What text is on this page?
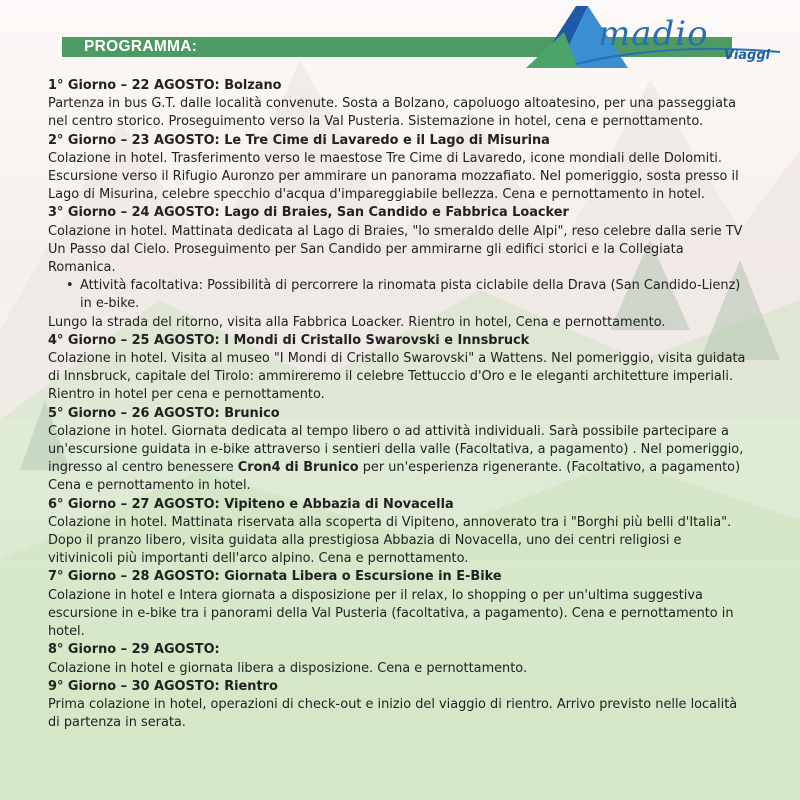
PROGRAMMA:	madio
Viaggi
1° Giorno – 22 AGOSTO: Bolzano

Partenza in bus G.T. dalle località convenute. Sosta a Bolzano, capoluogo altoatesino, per una passeggiata nel centro storico. Proseguimento verso la Val Pusteria. Sistemazione in hotel, cena e pernottamento.

2° Giorno – 23 AGOSTO: Le Tre Cime di Lavaredo e il Lago di Misurina

Colazione in hotel. Trasferimento verso le maestose Tre Cime di Lavaredo, icone mondiali delle Dolomiti. Escursione verso il Rifugio Auronzo per ammirare un panorama mozzafiato. Nel pomeriggio, sosta presso il Lago di Misurina, celebre specchio d'acqua d'impareggiabile bellezza. Cena e pernottamento in hotel.

3° Giorno – 24 AGOSTO: Lago di Braies, San Candido e Fabbrica Loacker

Colazione in hotel. Mattinata dedicata al Lago di Braies, "lo smeraldo delle Alpi", reso celebre dalla serie TV Un Passo dal Cielo. Proseguimento per San Candido per ammirarne gli edifici storici e la Collegiata Romanica.

• Attività facoltativa: Possibilità di percorrere la rinomata pista ciclabile della Drava (San Candido-Lienz) in e-bike.

Lungo la strada del ritorno, visita alla Fabbrica Loacker. Rientro in hotel, Cena e pernottamento.

4° Giorno – 25 AGOSTO: I Mondi di Cristallo Swarovski e Innsbruck

Colazione in hotel. Visita al museo "I Mondi di Cristallo Swarovski" a Wattens. Nel pomeriggio, visita guidata di Innsbruck, capitale del Tirolo: ammireremo il celebre Tettuccio d'Oro e le eleganti architetture imperiali. Rientro in hotel per cena e pernottamento.

5° Giorno – 26 AGOSTO: Brunico

Colazione in hotel. Giornata dedicata al tempo libero o ad attività individuali. Sarà possibile partecipare a un'escursione guidata in e-bike attraverso i sentieri della valle (Facoltativa, a pagamento) . Nel pomeriggio, ingresso al centro benessere Cron4 di Brunico per un'esperienza rigenerante. (Facoltativo, a pagamento) Cena e pernottamento in hotel.

6° Giorno – 27 AGOSTO: Vipiteno e Abbazia di Novacella

Colazione in hotel. Mattinata riservata alla scoperta di Vipiteno, annoverato tra i "Borghi più belli d'Italia". Dopo il pranzo libero, visita guidata alla prestigiosa Abbazia di Novacella, uno dei centri religiosi e vitivinicoli più importanti dell'arco alpino. Cena e pernottamento.

7° Giorno – 28 AGOSTO: Giornata Libera o Escursione in E-Bike

Colazione in hotel e Intera giornata a disposizione per il relax, lo shopping o per un'ultima suggestiva escursione in e-bike tra i panorami della Val Pusteria (facoltativa, a pagamento). Cena e pernottamento in hotel.

8° Giorno – 29 AGOSTO:

Colazione in hotel e giornata libera a disposizione. Cena e pernottamento.

9° Giorno – 30 AGOSTO: Rientro

Prima colazione in hotel, operazioni di check-out e inizio del viaggio di rientro. Arrivo previsto nelle località di partenza in serata.
